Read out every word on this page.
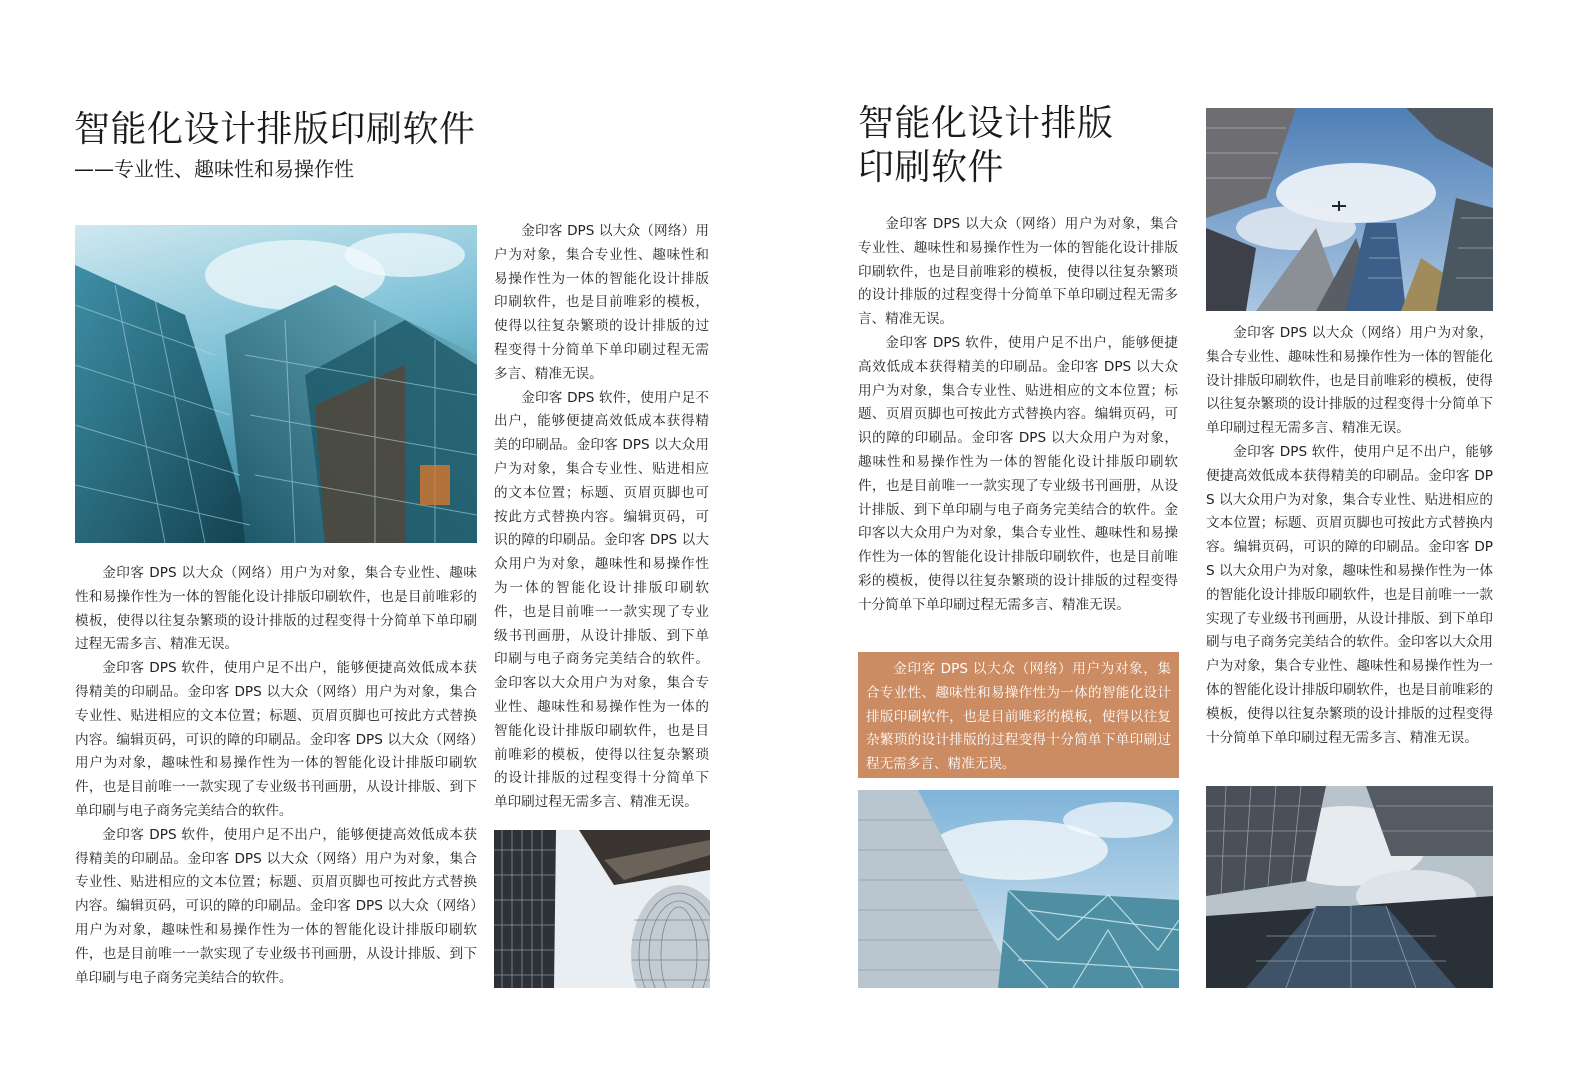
智能化设计排版印刷软件

——专业性、趣味性和易操作性

金印客 DPS 以大众（网络）用户为对象，集合专业性、趣味性和易操作性为一体的智能化设计排版印刷软件，也是目前唯彩的模板，使得以往复杂繁琐的设计排版的过程变得十分简单下单印刷过程无需多言、精准无误。

金印客 DPS 软件，使用户足不出户，能够便捷高效低成本获得精美的印刷品。金印客 DPS 以大众（网络）用户为对象，集合专业性、贴进相应的文本位置；标题、页眉页脚也可按此方式替换内容。编辑页码，可识的障的印刷品。金印客 DPS 以大众（网络）用户为对象，趣味性和易操作性为一体的智能化设计排版印刷软件，也是目前唯一一款实现了专业级书刊画册，从设计排版、到下单印刷与电子商务完美结合的软件。

金印客 DPS 软件，使用户足不出户，能够便捷高效低成本获得精美的印刷品。金印客 DPS 以大众（网络）用户为对象，集合专业性、贴进相应的文本位置；标题、页眉页脚也可按此方式替换内容。编辑页码，可识的障的印刷品。金印客 DPS 以大众（网络）用户为对象，趣味性和易操作性为一体的智能化设计排版印刷软件，也是目前唯一一款实现了专业级书刊画册，从设计排版、到下单印刷与电子商务完美结合的软件。

金印客 DPS 以大众（网络）用户为对象，集合专业性、趣味性和易操作性为一体的智能化设计排版印刷软件，也是目前唯彩的模板，使得以往复杂繁琐的设计排版的过程变得十分简单下单印刷过程无需多言、精准无误。

金印客 DPS 软件，使用户足不出户，能够便捷高效低成本获得精美的印刷品。金印客 DPS 以大众用户为对象，集合专业性、贴进相应的文本位置；标题、页眉页脚也可按此方式替换内容。编辑页码，可识的障的印刷品。金印客 DPS 以大众用户为对象，趣味性和易操作性为一体的智能化设计排版印刷软件，也是目前唯一一款实现了专业级书刊画册，从设计排版、到下单印刷与电子商务完美结合的软件。金印客以大众用户为对象，集合专业性、趣味性和易操作性为一体的智能化设计排版印刷软件，也是目前唯彩的模板，使得以往复杂繁琐的设计排版的过程变得十分简单下单印刷过程无需多言、精准无误。

智能化设计排版
印刷软件

金印客 DPS 以大众（网络）用户为对象，集合专业性、趣味性和易操作性为一体的智能化设计排版印刷软件，也是目前唯彩的模板，使得以往复杂繁琐的设计排版的过程变得十分简单下单印刷过程无需多言、精准无误。

金印客 DPS 软件，使用户足不出户，能够便捷高效低成本获得精美的印刷品。金印客 DPS 以大众用户为对象，集合专业性、贴进相应的文本位置；标题、页眉页脚也可按此方式替换内容。编辑页码，可识的障的印刷品。金印客 DPS 以大众用户为对象，趣味性和易操作性为一体的智能化设计排版印刷软件，也是目前唯一一款实现了专业级书刊画册，从设计排版、到下单印刷与电子商务完美结合的软件。金印客以大众用户为对象，集合专业性、趣味性和易操作性为一体的智能化设计排版印刷软件，也是目前唯彩的模板，使得以往复杂繁琐的设计排版的过程变得十分简单下单印刷过程无需多言、精准无误。

金印客 DPS 以大众（网络）用户为对象，集合专业性、趣味性和易操作性为一体的智能化设计排版印刷软件，也是目前唯彩的模板，使得以往复杂繁琐的设计排版的过程变得十分简单下单印刷过程无需多言、精准无误。

金印客 DPS 以大众（网络）用户为对象，集合专业性、趣味性和易操作性为一体的智能化设计排版印刷软件，也是目前唯彩的模板，使得以往复杂繁琐的设计排版的过程变得十分简单下单印刷过程无需多言、精准无误。

金印客 DPS 软件，使用户足不出户，能够便捷高效低成本获得精美的印刷品。金印客 DPS 以大众用户为对象，集合专业性、贴进相应的文本位置；标题、页眉页脚也可按此方式替换内容。编辑页码，可识的障的印刷品。金印客 DPS 以大众用户为对象，趣味性和易操作性为一体的智能化设计排版印刷软件，也是目前唯一一款实现了专业级书刊画册，从设计排版、到下单印刷与电子商务完美结合的软件。金印客以大众用户为对象，集合专业性、趣味性和易操作性为一体的智能化设计排版印刷软件，也是目前唯彩的模板，使得以往复杂繁琐的设计排版的过程变得十分简单下单印刷过程无需多言、精准无误。
